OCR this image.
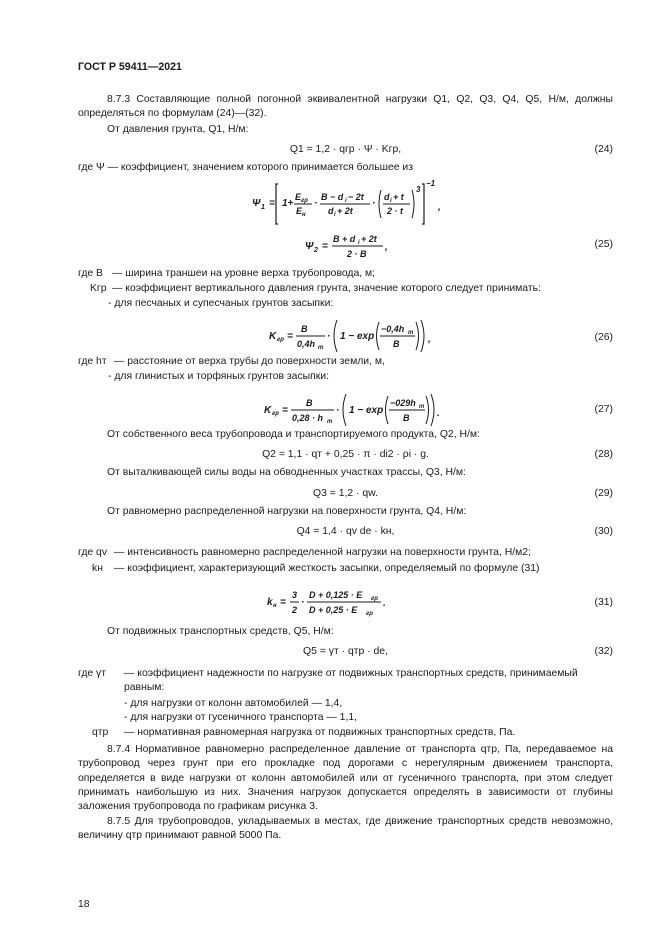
ГОСТ Р 59411—2021
8.7.3 Составляющие полной погонной эквивалентной нагрузки Q1, Q2, Q3, Q4, Q5, Н/м, должны определяться по формулам (24)—(32).
От давления грунта, Q1, Н/м:
Q1 = 1,2 · qгр · Ψ · Kгр,	(24)
где Ψ — коэффициент, значением которого принимается большее из
Ψ 1 = 1+
E гр
E н
·
B − d i − 2t
d i + 2t
·
d i + t
2 · t
3
−1
,
Ψ 2 =
B + d i + 2t
2 · B
,	(25)
где B — ширина траншеи на уровне верха трубопровода, м;
Kгр — коэффициент вертикального давления грунта, значение которого следует принимать:
- для песчаных и супесчаных грунтов засыпки:
K гр =
B
0,4h т
· 1 − exp
−0,4h т
B	,	(26)
где hт — расстояние от верха трубы до поверхности земли, м,
- для глинистых и торфяных грунтов засыпки:
K гр =
B
0,28 · h т
· 1 − exp
−029h т
B	.	(27)
От собственного веса трубопровода и транспортируемого продукта, Q2, Н/м:
Q2 = 1,1 · qт + 0,25 · π · di2 · ρi · g.	(28)
От выталкивающей силы воды на обводненных участках трассы, Q3, Н/м:
Q3 = 1,2 · qw.	(29)
От равномерно распределенной нагрузки на поверхности грунта, Q4, Н/м:
Q4 = 1,4 · qv de · kн,	(30)
где qv — интенсивность равномерно распределенной нагрузки на поверхности грунта, Н/м2;
kн — коэффициент, характеризующий жесткость засыпки, определяемый по формуле (31)
k н =
3
2
·
D + 0,125 · E гр
D + 0,25 · E гр
.	(31)
От подвижных транспортных средств, Q5, Н/м:
Q5 = γт · qтр · de,	(32)
где γт — коэффициент надежности по нагрузке от подвижных транспортных средств, принимаемый равным:
- для нагрузки от колонн автомобилей — 1,4,
- для нагрузки от гусеничного транспорта — 1,1,
qтр — нормативная равномерная нагрузка от подвижных транспортных средств, Па.
8.7.4 Нормативное равномерно распределенное давление от транспорта qтр, Па, передаваемое на трубопровод через грунт при его прокладке под дорогами с нерегулярным движением транспорта, определяется в виде нагрузки от колонн автомобилей или от гусеничного транспорта, при этом следует принимать наибольшую из них. Значения нагрузок допускается определять в зависимости от глубины заложения трубопровода по графикам рисунка 3.
8.7.5 Для трубопроводов, укладываемых в местах, где движение транспортных средств невозможно, величину qтр принимают равной 5000 Па.
18
